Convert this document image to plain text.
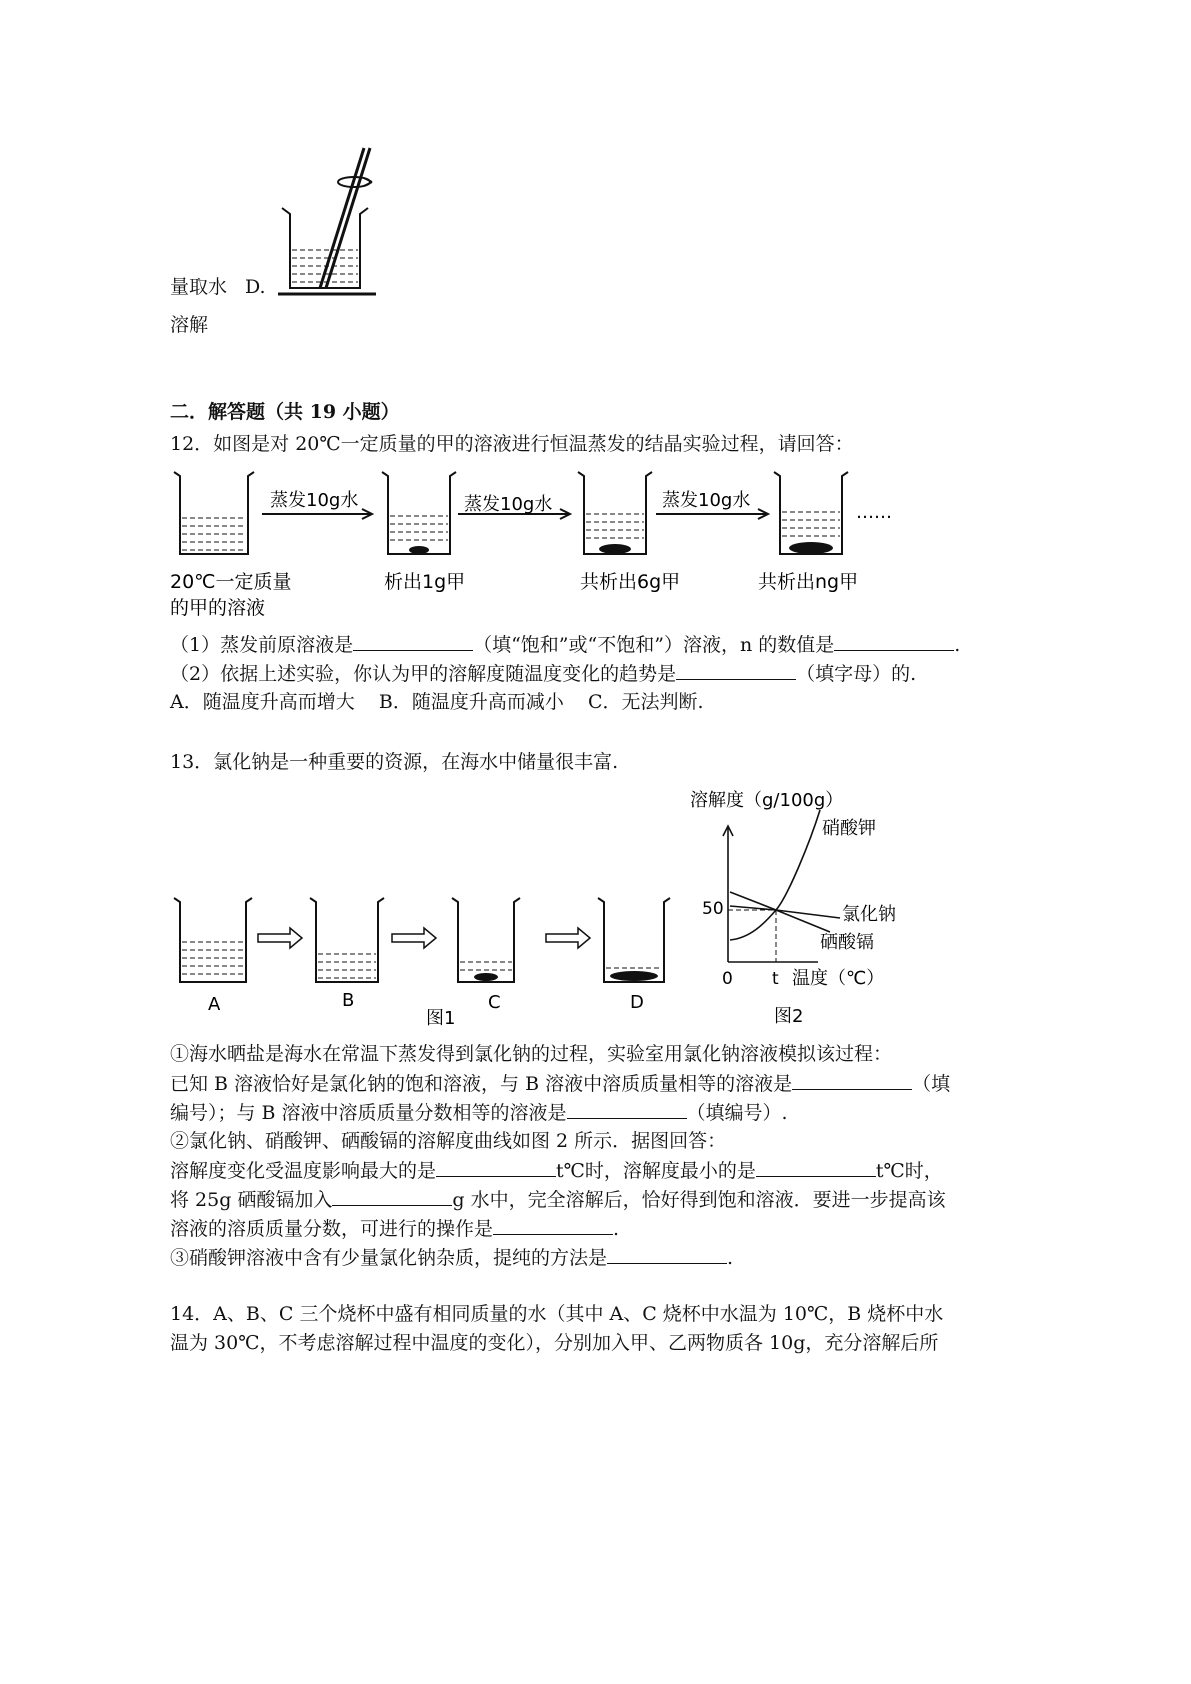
量取水 D.
溶解
二．解答题（共 19 小题）
12．如图是对 20℃一定质量的甲的溶液进行恒温蒸发的结晶实验过程，请回答：
蒸发10g水	蒸发10g水	蒸发10g水
……
20℃一定质量
的甲的溶液
析出1g甲	共析出6g甲	共析出ng甲
（1）蒸发前原溶液是	（填“饱和”或“不饱和”）溶液，n 的数值是	.
（2）依据上述实验，你认为甲的溶解度随温度变化的趋势是	（填字母）的.
A．随温度升高而增大    B．随温度升高而减小    C．无法判断.
13．氯化钠是一种重要的资源，在海水中储量很丰富.
A	B	C	D
图1
溶解度（g/100g）
50
0 t 温度（℃）
硝酸钾
氯化钠
硒酸镉
图2
①海水晒盐是海水在常温下蒸发得到氯化钠的过程，实验室用氯化钠溶液模拟该过程：
已知 B 溶液恰好是氯化钠的饱和溶液，与 B 溶液中溶质质量相等的溶液是	（填
编号）；与 B 溶液中溶质质量分数相等的溶液是	（填编号）.
②氯化钠、硝酸钾、硒酸镉的溶解度曲线如图 2 所示．据图回答：
溶解度变化受温度影响最大的是	t℃时，溶解度最小的是	t℃时，
将 25g 硒酸镉加入	g 水中，完全溶解后，恰好得到饱和溶液．要进一步提高该
溶液的溶质质量分数，可进行的操作是	.
③硝酸钾溶液中含有少量氯化钠杂质，提纯的方法是	.
14．A、B、C 三个烧杯中盛有相同质量的水（其中 A、C 烧杯中水温为 10℃，B 烧杯中水
温为 30℃，不考虑溶解过程中温度的变化），分别加入甲、乙两物质各 10g，充分溶解后所
